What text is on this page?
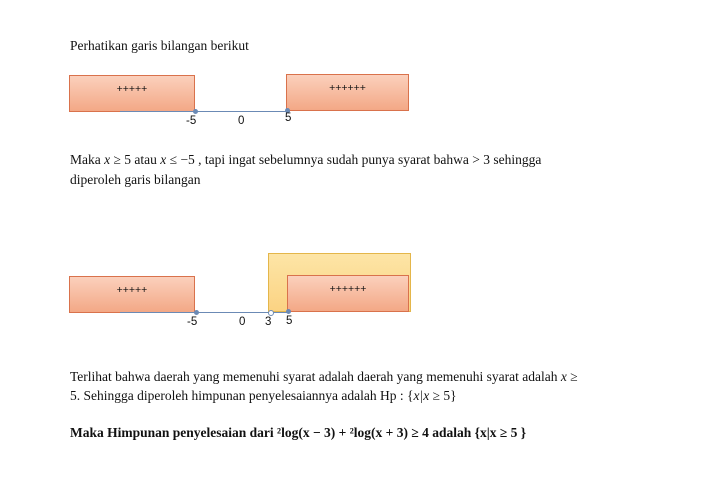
Perhatikan garis bilangan berikut
+++++	++++++
-5	0	5
Maka x ≥ 5 atau x ≤ −5 , tapi ingat sebelumnya sudah punya syarat bahwa > 3 sehingga
diperoleh garis bilangan
+++++	++++++
-5	0 3 5
Terlihat bahwa daerah yang memenuhi syarat adalah daerah yang memenuhi syarat adalah x ≥
5. Sehingga diperoleh himpunan penyelesaiannya adalah Hp : {x|x ≥ 5}
Maka Himpunan penyelesaian dari ²log(x − 3) + ²log(x + 3) ≥ 4 adalah {x|x ≥ 5 }
